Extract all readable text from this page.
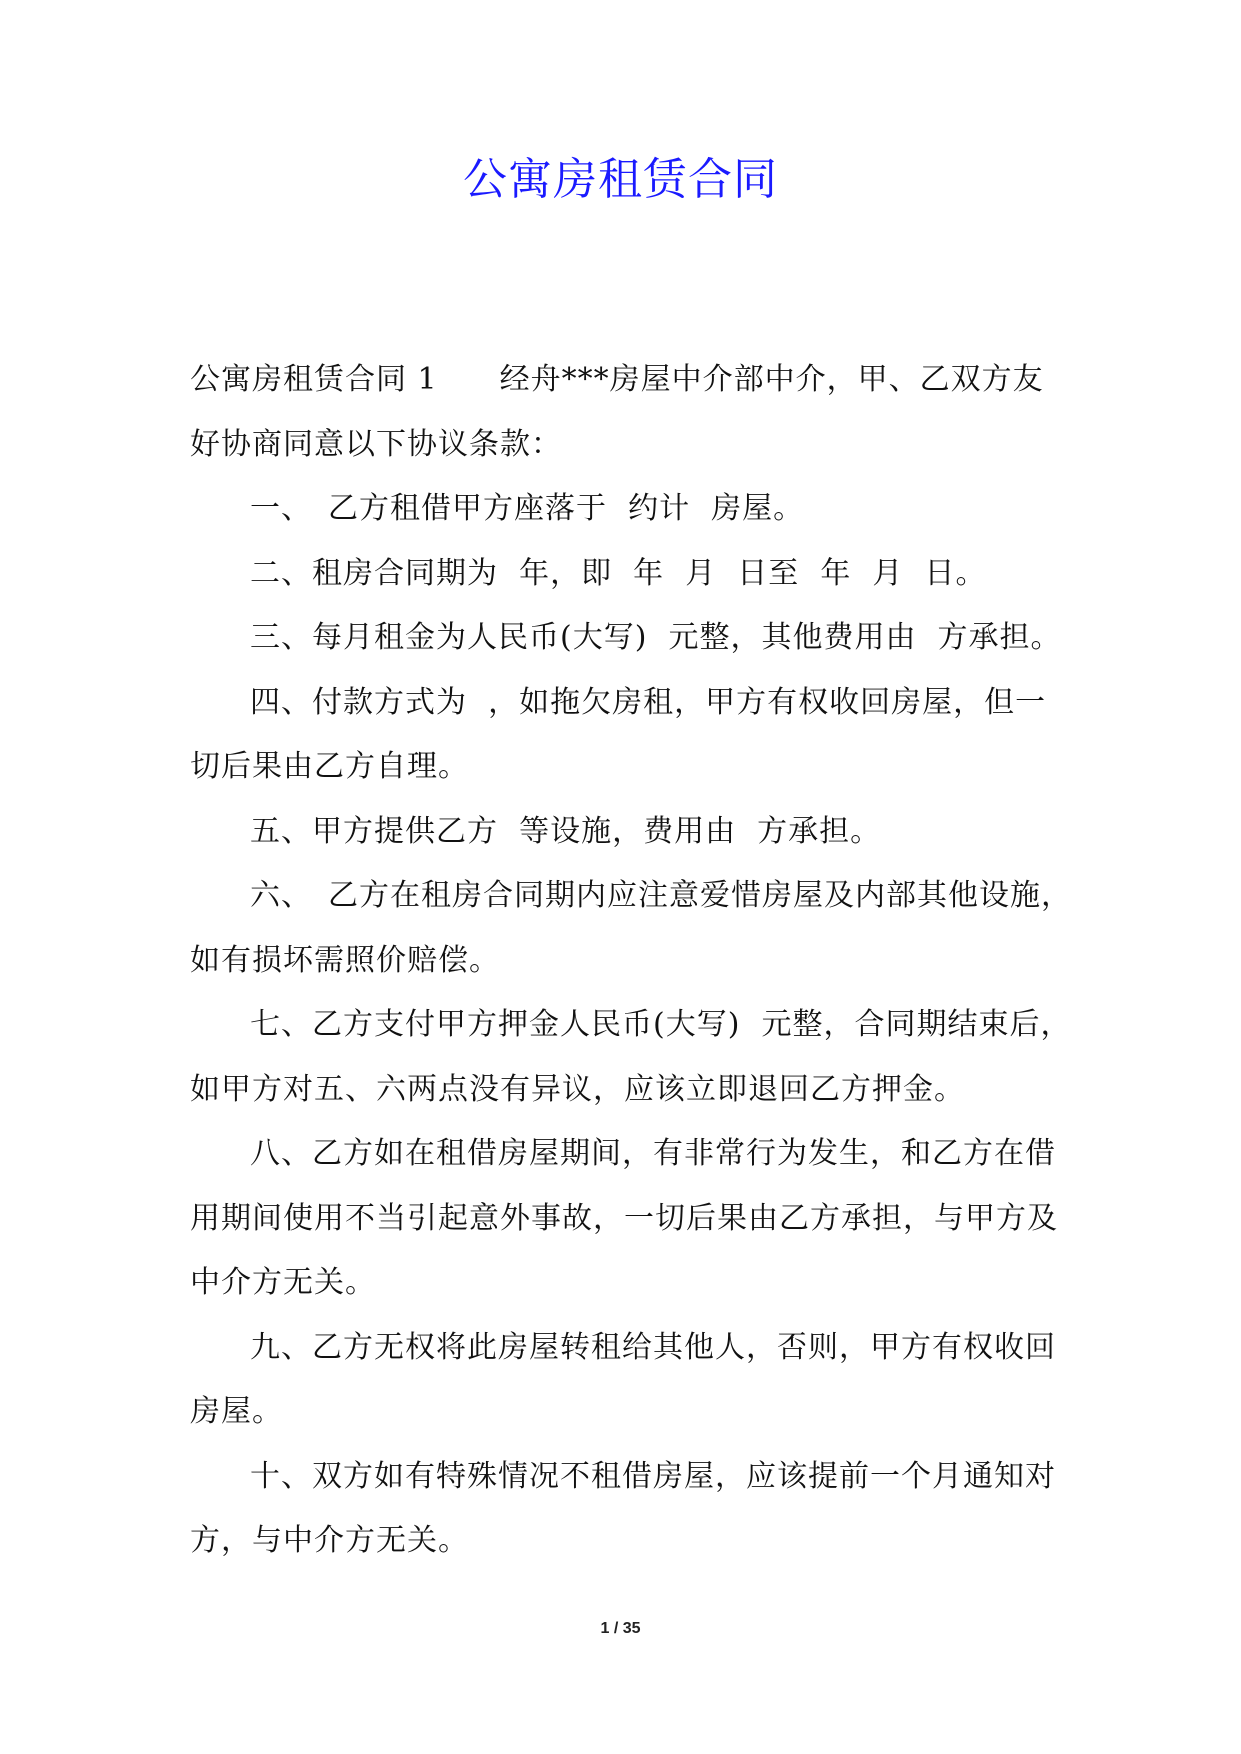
公寓房租赁合同

公寓房租赁合同 1　　经舟***房屋中介部中介，甲、乙双方友
好协商同意以下协议条款：

一、　乙方租借甲方座落于  约计  房屋。

二、租房合同期为  年，即  年  月  日至  年  月  日。

三、每月租金为人民币(大写)  元整，其他费用由  方承担。

四、付款方式为  ，如拖欠房租，甲方有权收回房屋，但一
切后果由乙方自理。

五、甲方提供乙方  等设施，费用由  方承担。

六、　乙方在租房合同期内应注意爱惜房屋及内部其他设施，
如有损坏需照价赔偿。

七、乙方支付甲方押金人民币(大写)  元整，合同期结束后，
如甲方对五、六两点没有异议，应该立即退回乙方押金。

八、乙方如在租借房屋期间，有非常行为发生，和乙方在借
用期间使用不当引起意外事故，一切后果由乙方承担，与甲方及
中介方无关。

九、乙方无权将此房屋转租给其他人，否则，甲方有权收回
房屋。

十、双方如有特殊情况不租借房屋，应该提前一个月通知对
方，与中介方无关。

1 / 35
